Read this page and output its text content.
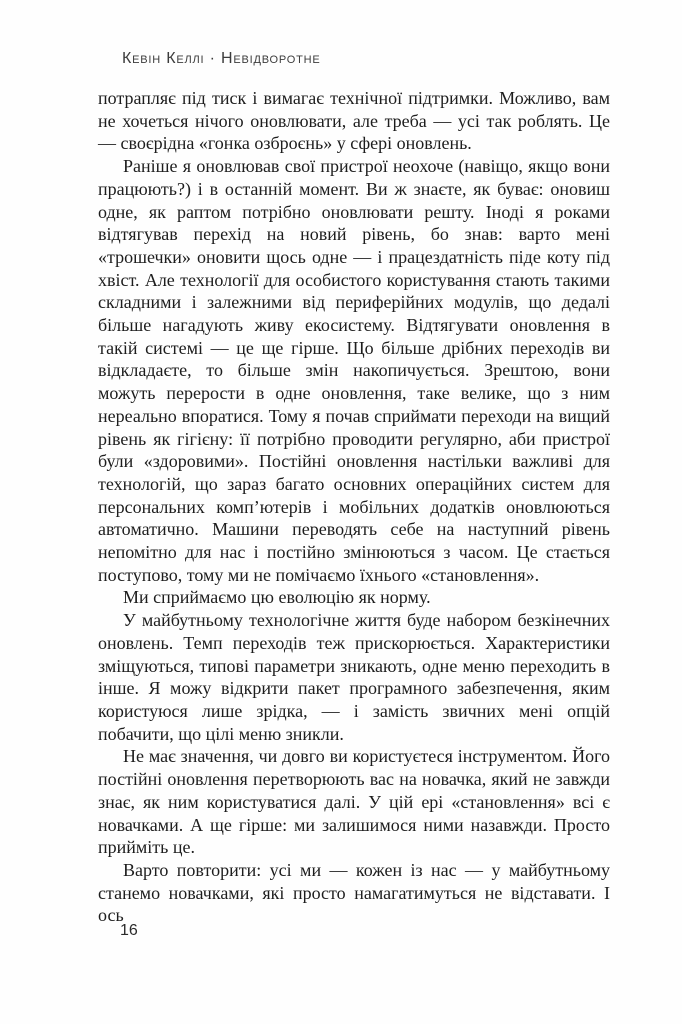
Кевін Келлі · Невідворотне

потрапляє під тиск і вимагає технічної підтримки. Можливо, вам не хочеться нічого оновлювати, але треба — усі так роблять. Це — своєрідна «гонка озброєнь» у сфері оновлень.

Раніше я оновлював свої пристрої неохоче (навіщо, якщо вони працюють?) і в останній момент. Ви ж знаєте, як буває: оновиш одне, як раптом потрібно оновлювати решту. Іноді я роками відтягував перехід на новий рівень, бо знав: варто мені «трошечки» оновити щось одне — і працездатність піде коту під хвіст. Але технології для особистого користування стають такими складними і залежними від периферійних модулів, що дедалі більше нагадують живу екосистему. Відтягувати оновлення в такій системі — це ще гірше. Що більше дрібних переходів ви відкладаєте, то більше змін накопичується. Зрештою, вони можуть перерости в одне оновлення, таке велике, що з ним нереально впоратися. Тому я почав сприймати переходи на вищий рівень як гігієну: її потрібно проводити регулярно, аби пристрої були «здоровими». Постійні оновлення настільки важливі для технологій, що зараз багато основних операційних систем для персональних комп’ютерів і мобільних додатків оновлюються автоматично. Машини переводять себе на наступний рівень непомітно для нас і постійно змінюються з часом. Це стається поступово, тому ми не помічаємо їхнього «становлення».

Ми сприймаємо цю еволюцію як норму.

У майбутньому технологічне життя буде набором безкінечних оновлень. Темп переходів теж прискорюється. Характеристики зміщуються, типові параметри зникають, одне меню переходить в інше. Я можу відкрити пакет програмного забезпечення, яким користуюся лише зрідка, — і замість звичних мені опцій побачити, що цілі меню зникли.

Не має значення, чи довго ви користуєтеся інструментом. Його постійні оновлення перетворюють вас на новачка, який не завжди знає, як ним користуватися далі. У цій ері «становлення» всі є новачками. А ще гірше: ми залишимося ними назавжди. Просто прийміть це.

Варто повторити: усі ми — кожен із нас — у майбутньому станемо новачками, які просто намагатимуться не відставати. І ось

16
